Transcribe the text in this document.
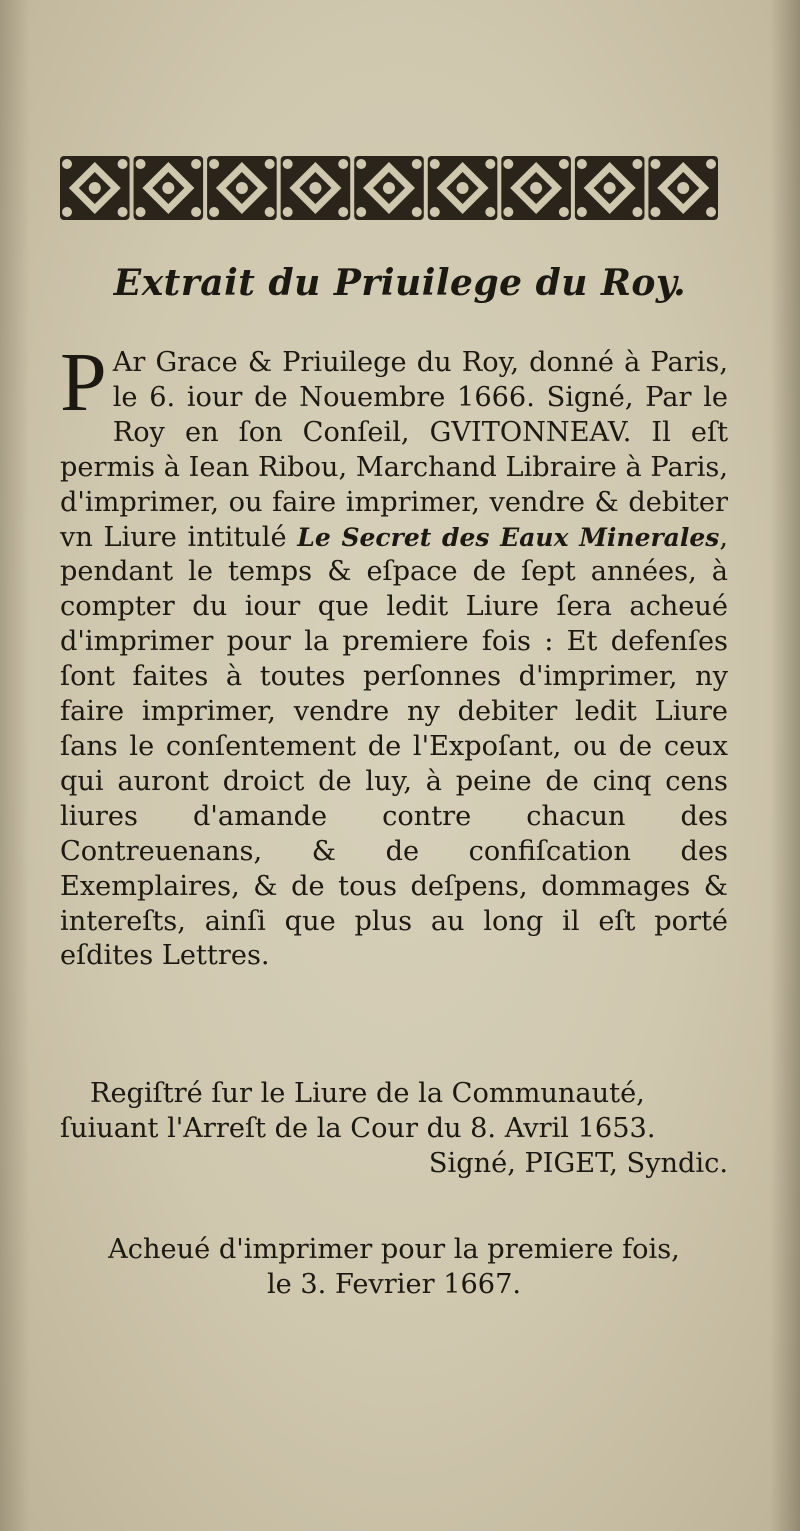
Extrait du Priuilege du Roy.

P Ar Grace & Priuilege du Roy, donné à Paris, le 6. iour de Nouembre 1666. Signé, Par le Roy en ſon Conſeil, GVITONNEAV. Il eſt permis à Iean Ribou, Marchand Libraire à Paris, d'imprimer, ou faire imprimer, vendre & debiter vn Liure intitulé Le Secret des Eaux Minerales, pendant le temps & eſpace de ſept années, à compter du iour que ledit Liure ſera acheué d'imprimer pour la premiere fois : Et defenſes ſont faites à toutes perſonnes d'imprimer, ny faire imprimer, vendre ny debiter ledit Liure ſans le conſentement de l'Expoſant, ou de ceux qui auront droict de luy, à peine de cinq cens liures d'amande contre chacun des Contreuenans, & de confiſcation des Exemplaires, & de tous deſpens, dommages & intereſts, ainſi que plus au long il eſt porté eſdites Lettres.

Regiſtré ſur le Liure de la Communauté,
ſuiuant l'Arreſt de la Cour du 8. Avril 1653.
Signé, PIGET, Syndic.

Acheué d'imprimer pour la premiere fois,
le 3. Fevrier 1667.
